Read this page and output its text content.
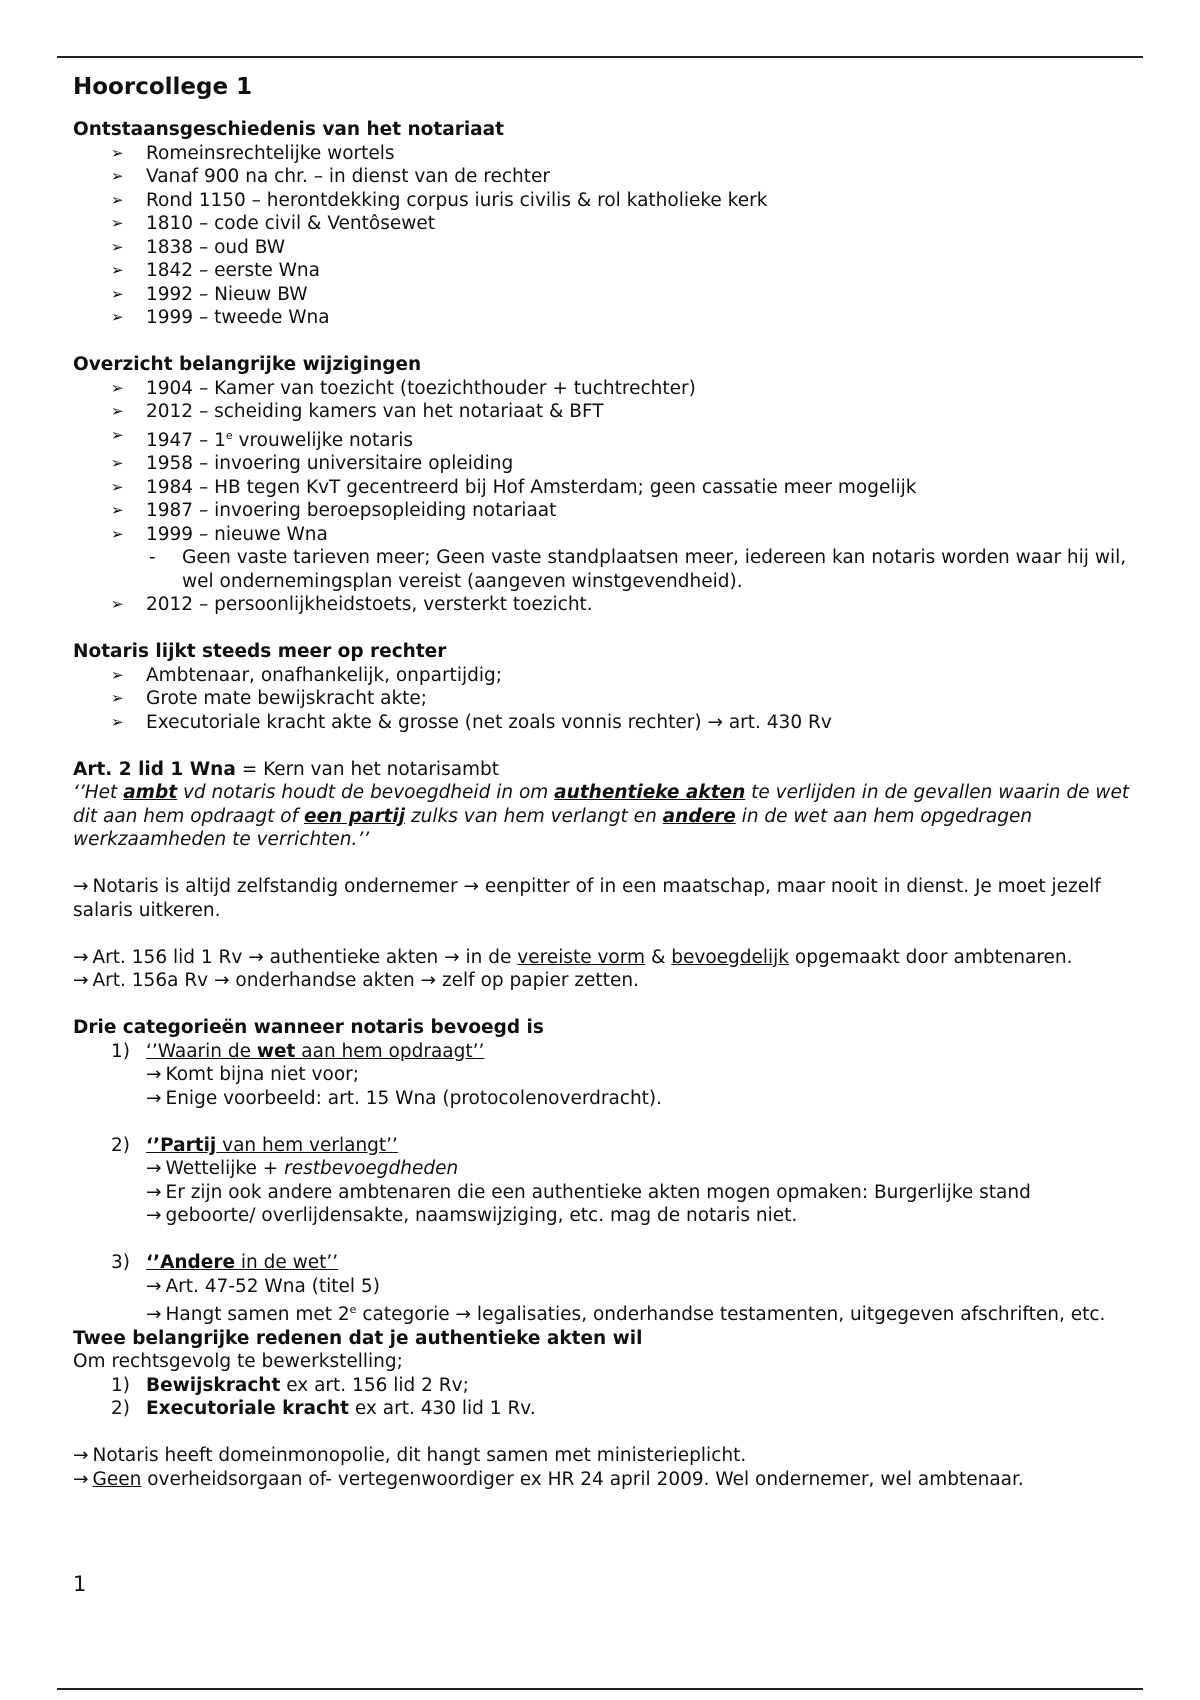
Hoorcollege 1
Ontstaansgeschiedenis van het notariaat
➢ Romeinsrechtelijke wortels
➢ Vanaf 900 na chr. – in dienst van de rechter
➢ Rond 1150 – herontdekking corpus iuris civilis & rol katholieke kerk
➢ 1810 – code civil & Ventôsewet
➢ 1838 – oud BW
➢ 1842 – eerste Wna
➢ 1992 – Nieuw BW
➢ 1999 – tweede Wna
Overzicht belangrijke wijzigingen
➢ 1904 – Kamer van toezicht (toezichthouder + tuchtrechter)
➢ 2012 – scheiding kamers van het notariaat & BFT
➢ 1947 – 1e vrouwelijke notaris
➢ 1958 – invoering universitaire opleiding
➢ 1984 – HB tegen KvT gecentreerd bij Hof Amsterdam; geen cassatie meer mogelijk
➢ 1987 – invoering beroepsopleiding notariaat
➢ 1999 – nieuwe Wna
- Geen vaste tarieven meer; Geen vaste standplaatsen meer, iedereen kan notaris worden waar hij wil, wel ondernemingsplan vereist (aangeven winstgevendheid).
➢ 2012 – persoonlijkheidstoets, versterkt toezicht.
Notaris lijkt steeds meer op rechter
➢ Ambtenaar, onafhankelijk, onpartijdig;
➢ Grote mate bewijskracht akte;
➢ Executoriale kracht akte & grosse (net zoals vonnis rechter) → art. 430 Rv

Art. 2 lid 1 Wna = Kern van het notarisambt

‘’Het ambt vd notaris houdt de bevoegdheid in om authentieke akten te verlijden in de gevallen waarin de wet dit aan hem opdraagt of een partij zulks van hem verlangt en andere in de wet aan hem opgedragen werkzaamheden te verrichten.’’

→ Notaris is altijd zelfstandig ondernemer → eenpitter of in een maatschap, maar nooit in dienst. Je moet jezelf salaris uitkeren.

→ Art. 156 lid 1 Rv → authentieke akten → in de vereiste vorm & bevoegdelijk opgemaakt door ambtenaren.

→ Art. 156a Rv → onderhandse akten → zelf op papier zetten.

Drie categorieën wanneer notaris bevoegd is
1) ‘’Waarin de wet aan hem opdraagt’’
→ Komt bijna niet voor;
→ Enige voorbeeld: art. 15 Wna (protocolenoverdracht).
2) ‘’Partij van hem verlangt’’
→ Wettelijke + restbevoegdheden
→ Er zijn ook andere ambtenaren die een authentieke akten mogen opmaken: Burgerlijke stand
→ geboorte/ overlijdensakte, naamswijziging, etc. mag de notaris niet.
3) ‘’Andere in de wet’’
→ Art. 47-52 Wna (titel 5)
→ Hangt samen met 2e categorie → legalisaties, onderhandse testamenten, uitgegeven afschriften, etc.
Twee belangrijke redenen dat je authentieke akten wil

Om rechtsgevolg te bewerkstelling;

1) Bewijskracht ex art. 156 lid 2 Rv;
2) Executoriale kracht ex art. 430 lid 1 Rv.

→ Notaris heeft domeinmonopolie, dit hangt samen met ministerieplicht.

→ Geen overheidsorgaan of- vertegenwoordiger ex HR 24 april 2009. Wel ondernemer, wel ambtenaar.

1
